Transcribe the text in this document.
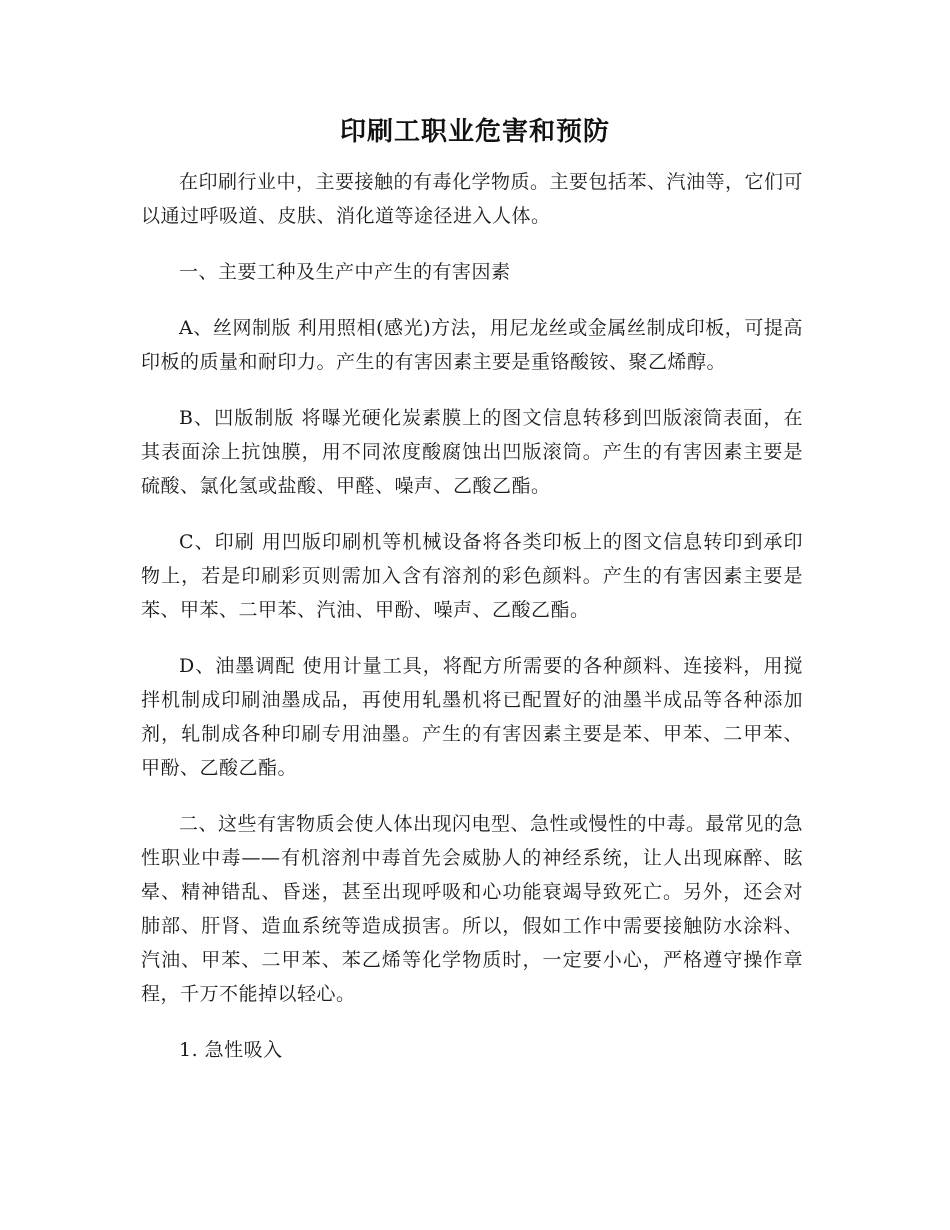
印刷工职业危害和预防

在印刷行业中，主要接触的有毒化学物质。主要包括苯、汽油等，它们可以通过呼吸道、皮肤、消化道等途径进入人体。

一、主要工种及生产中产生的有害因素

A、丝网制版 利用照相(感光)方法，用尼龙丝或金属丝制成印板，可提高印板的质量和耐印力。产生的有害因素主要是重铬酸铵、聚乙烯醇。

B、凹版制版 将曝光硬化炭素膜上的图文信息转移到凹版滚筒表面，在其表面涂上抗蚀膜，用不同浓度酸腐蚀出凹版滚筒。产生的有害因素主要是硫酸、氯化氢或盐酸、甲醛、噪声、乙酸乙酯。

C、印刷 用凹版印刷机等机械设备将各类印板上的图文信息转印到承印物上，若是印刷彩页则需加入含有溶剂的彩色颜料。产生的有害因素主要是苯、甲苯、二甲苯、汽油、甲酚、噪声、乙酸乙酯。

D、油墨调配 使用计量工具，将配方所需要的各种颜料、连接料，用搅拌机制成印刷油墨成品，再使用轧墨机将已配置好的油墨半成品等各种添加剂，轧制成各种印刷专用油墨。产生的有害因素主要是苯、甲苯、二甲苯、甲酚、乙酸乙酯。

二、这些有害物质会使人体出现闪电型、急性或慢性的中毒。最常见的急性职业中毒——有机溶剂中毒首先会威胁人的神经系统，让人出现麻醉、眩晕、精神错乱、昏迷，甚至出现呼吸和心功能衰竭导致死亡。另外，还会对肺部、肝肾、造血系统等造成损害。所以，假如工作中需要接触防水涂料、汽油、甲苯、二甲苯、苯乙烯等化学物质时，一定要小心，严格遵守操作章程，千万不能掉以轻心。

1. 急性吸入
